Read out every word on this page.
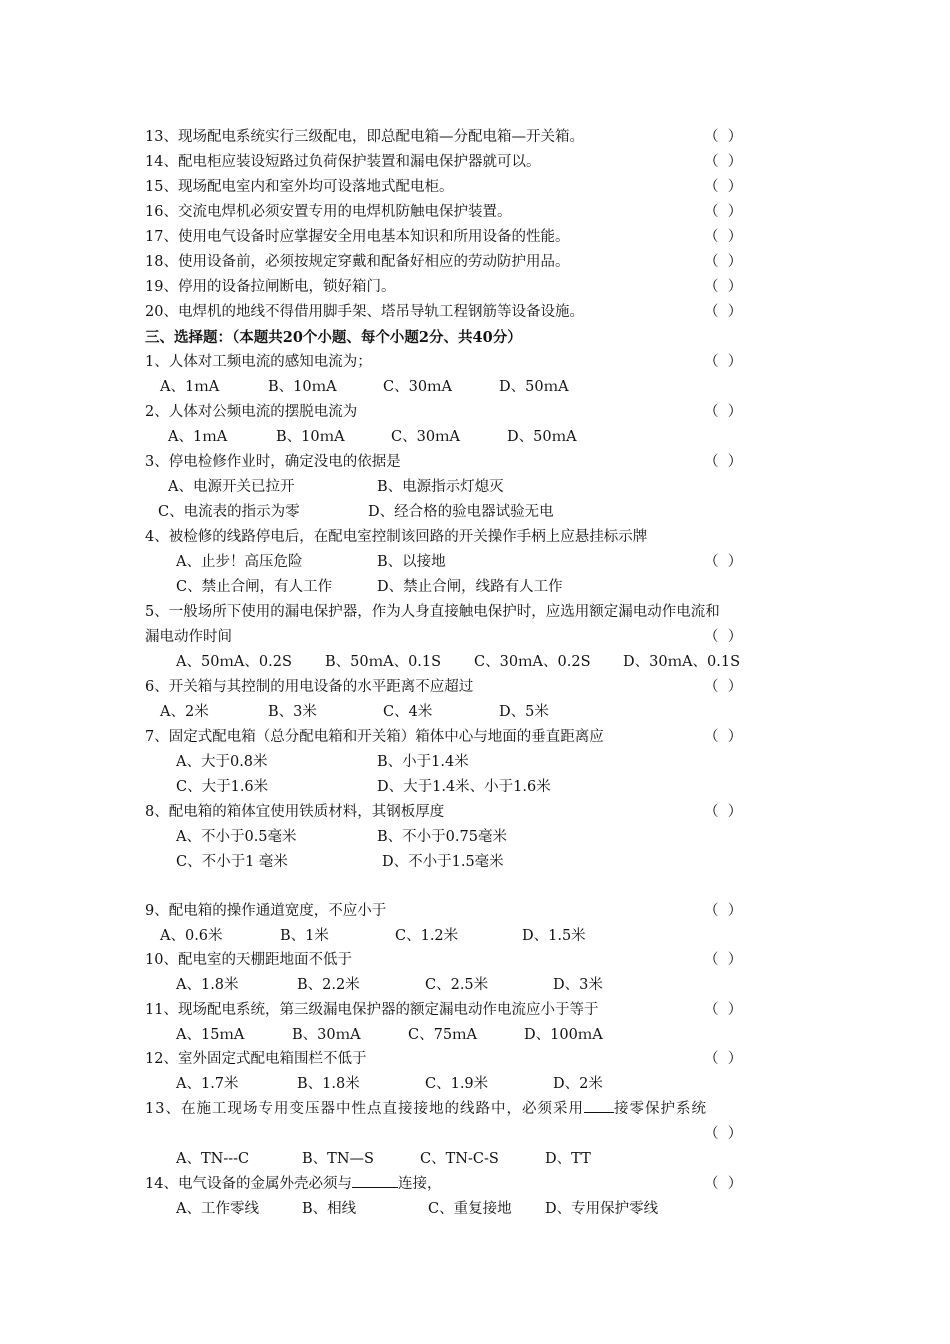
13、现场配电系统实行三级配电，即总配电箱—分配电箱—开关箱。	（  ）
14、配电柜应装设短路过负荷保护装置和漏电保护器就可以。	（  ）
15、现场配电室内和室外均可设落地式配电柜。	（  ）
16、交流电焊机必须安置专用的电焊机防触电保护装置。	（  ）
17、使用电气设备时应掌握安全用电基本知识和所用设备的性能。	（  ）
18、使用设备前，必须按规定穿戴和配备好相应的劳动防护用品。	（  ）
19、停用的设备拉闸断电，锁好箱门。	（  ）
20、电焊机的地线不得借用脚手架、塔吊导轨工程钢筋等设备设施。	（  ）
三、选择题：（本题共20个小题、每个小题2分、共40分）
1、人体对工频电流的感知电流为；	（  ）
A、1ｍA	B、10ｍA	C、30ｍA	D、50ｍA
2、人体对公频电流的摆脱电流为	（  ）
A、1ｍA	B、10ｍA	C、30ｍA	D、50ｍA
3、停电检修作业时，确定没电的依据是	（  ）
A、电源开关已拉开	B、电源指示灯熄灭
C、电流表的指示为零	D、经合格的验电器试验无电
4、被检修的线路停电后，在配电室控制该回路的开关操作手柄上应悬挂标示牌
A、止步！高压危险	B、以接地	（  ）
C、禁止合闸，有人工作	D、禁止合闸，线路有人工作
5、一般场所下使用的漏电保护器，作为人身直接触电保护时，应选用额定漏电动作电流和
漏电动作时间	（  ）
A、50ｍA、0.2S B、50ｍA、0.1S C、30ｍA、0.2S D、30ｍA、0.1S
6、开关箱与其控制的用电设备的水平距离不应超过	（  ）
A、2米	B、3米	C、4米	D、5米
7、固定式配电箱（总分配电箱和开关箱）箱体中心与地面的垂直距离应	（  ）
A、大于0.8米	B、小于1.4米
C、大于1.6米	D、大于1.4米、小于1.6米
8、配电箱的箱体宜使用铁质材料，其钢板厚度	（  ）
A、不小于0.5毫米	B、不小于0.75毫米
C、不小于1 毫米	D、不小于1.5毫米
9、配电箱的操作通道宽度，不应小于	（  ）
A、0.6米	B、1米	C、1.2米	D、1.5米
10、配电室的天棚距地面不低于	（  ）
A、1.8米	B、2.2米	C、2.5米	D、3米
11、现场配电系统，第三级漏电保护器的额定漏电动作电流应小于等于	（  ）
A、15ｍA	B、30ｍA	C、75ｍA	D、100ｍA
12、室外固定式配电箱围栏不低于	（  ）
A、1.7米	B、1.8米	C、1.9米	D、2米
13、在施工现场专用变压器中性点直接接地的线路中，必须采用 接零保护系统
（  ）
A、TN---C	B、TN—S	C、TN-C-S	D、TT
14、电气设备的金属外壳必须与	连接，	（  ）
A、工作零线	B、相线	C、重复接地 D、专用保护零线
